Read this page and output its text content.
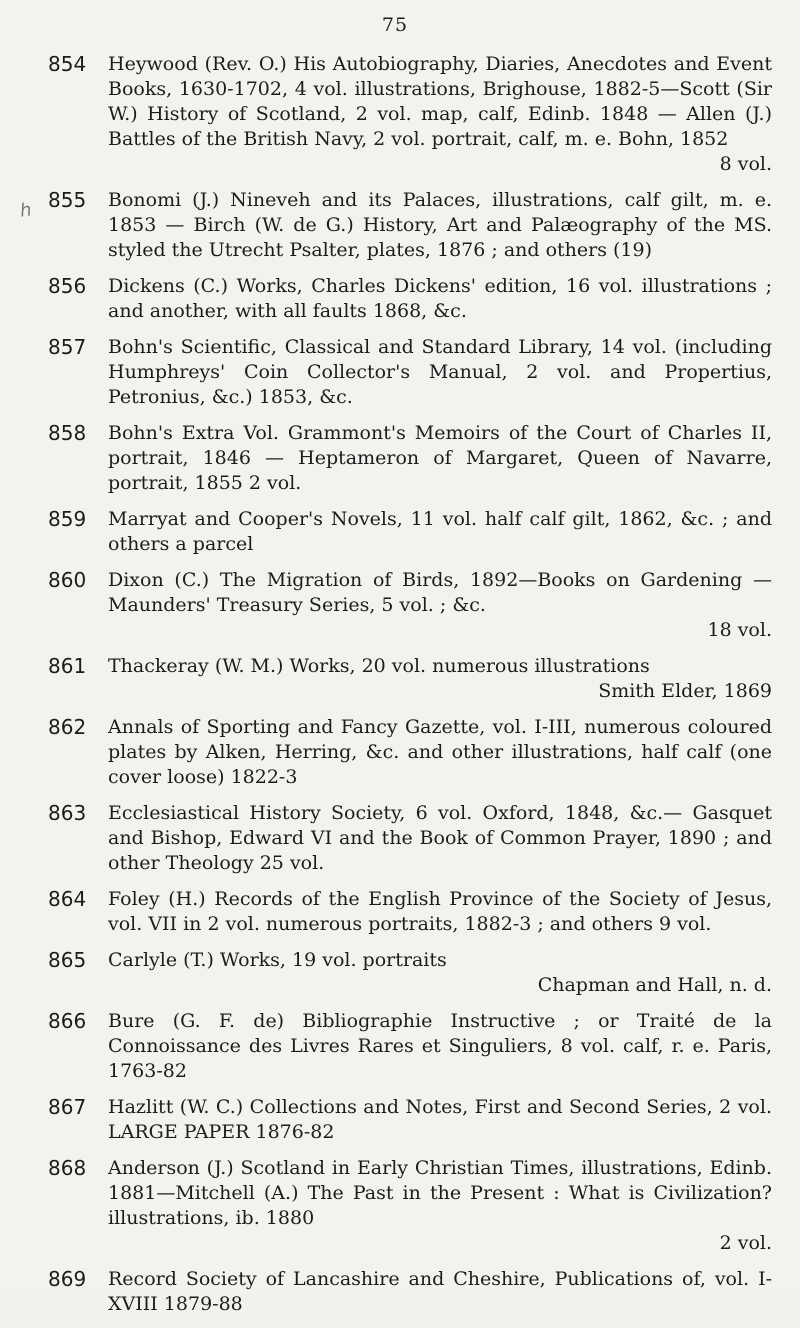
75
h
854	Heywood (Rev. O.) His Autobiography, Diaries, Anecdotes and Event Books, 1630-1702, 4 vol. illustrations, Brighouse, 1882-5—Scott (Sir W.) History of Scotland, 2 vol. map, calf, Edinb. 1848 — Allen (J.) Battles of the British Navy, 2 vol. portrait, calf, m. e. Bohn, 1852
8 vol.
855	Bonomi (J.) Nineveh and its Palaces, illustrations, calf gilt, m. e. 1853 — Birch (W. de G.) History, Art and Palæography of the MS. styled the Utrecht Psalter, plates, 1876 ; and others (19)
856	Dickens (C.) Works, Charles Dickens' edition, 16 vol. illustrations ; and another, with all faults 1868, &c.
857	Bohn's Scientific, Classical and Standard Library, 14 vol. (including Humphreys' Coin Collector's Manual, 2 vol. and Propertius, Petronius, &c.) 1853, &c.
858	Bohn's Extra Vol. Grammont's Memoirs of the Court of Charles II, portrait, 1846 — Heptameron of Margaret, Queen of Navarre, portrait, 1855 2 vol.
859	Marryat and Cooper's Novels, 11 vol. half calf gilt, 1862, &c. ; and others a parcel
860	Dixon (C.) The Migration of Birds, 1892—Books on Gardening — Maunders' Treasury Series, 5 vol. ; &c.
18 vol.
861	Thackeray (W. M.) Works, 20 vol. numerous illustrations
Smith Elder, 1869
862	Annals of Sporting and Fancy Gazette, vol. I-III, numerous coloured plates by Alken, Herring, &c. and other illustrations, half calf (one cover loose) 1822-3
863	Ecclesiastical History Society, 6 vol. Oxford, 1848, &c.— Gasquet and Bishop, Edward VI and the Book of Common Prayer, 1890 ; and other Theology 25 vol.
864	Foley (H.) Records of the English Province of the Society of Jesus, vol. VII in 2 vol. numerous portraits, 1882-3 ; and others 9 vol.
865	Carlyle (T.) Works, 19 vol. portraits
Chapman and Hall, n. d.
866	Bure (G. F. de) Bibliographie Instructive ; or Traité de la Connoissance des Livres Rares et Singuliers, 8 vol. calf, r. e. Paris, 1763-82
867	Hazlitt (W. C.) Collections and Notes, First and Second Series, 2 vol. LARGE PAPER 1876-82
868	Anderson (J.) Scotland in Early Christian Times, illustrations, Edinb. 1881—Mitchell (A.) The Past in the Present : What is Civilization? illustrations, ib. 1880
2 vol.
869	Record Society of Lancashire and Cheshire, Publications of, vol. I-XVIII 1879-88
